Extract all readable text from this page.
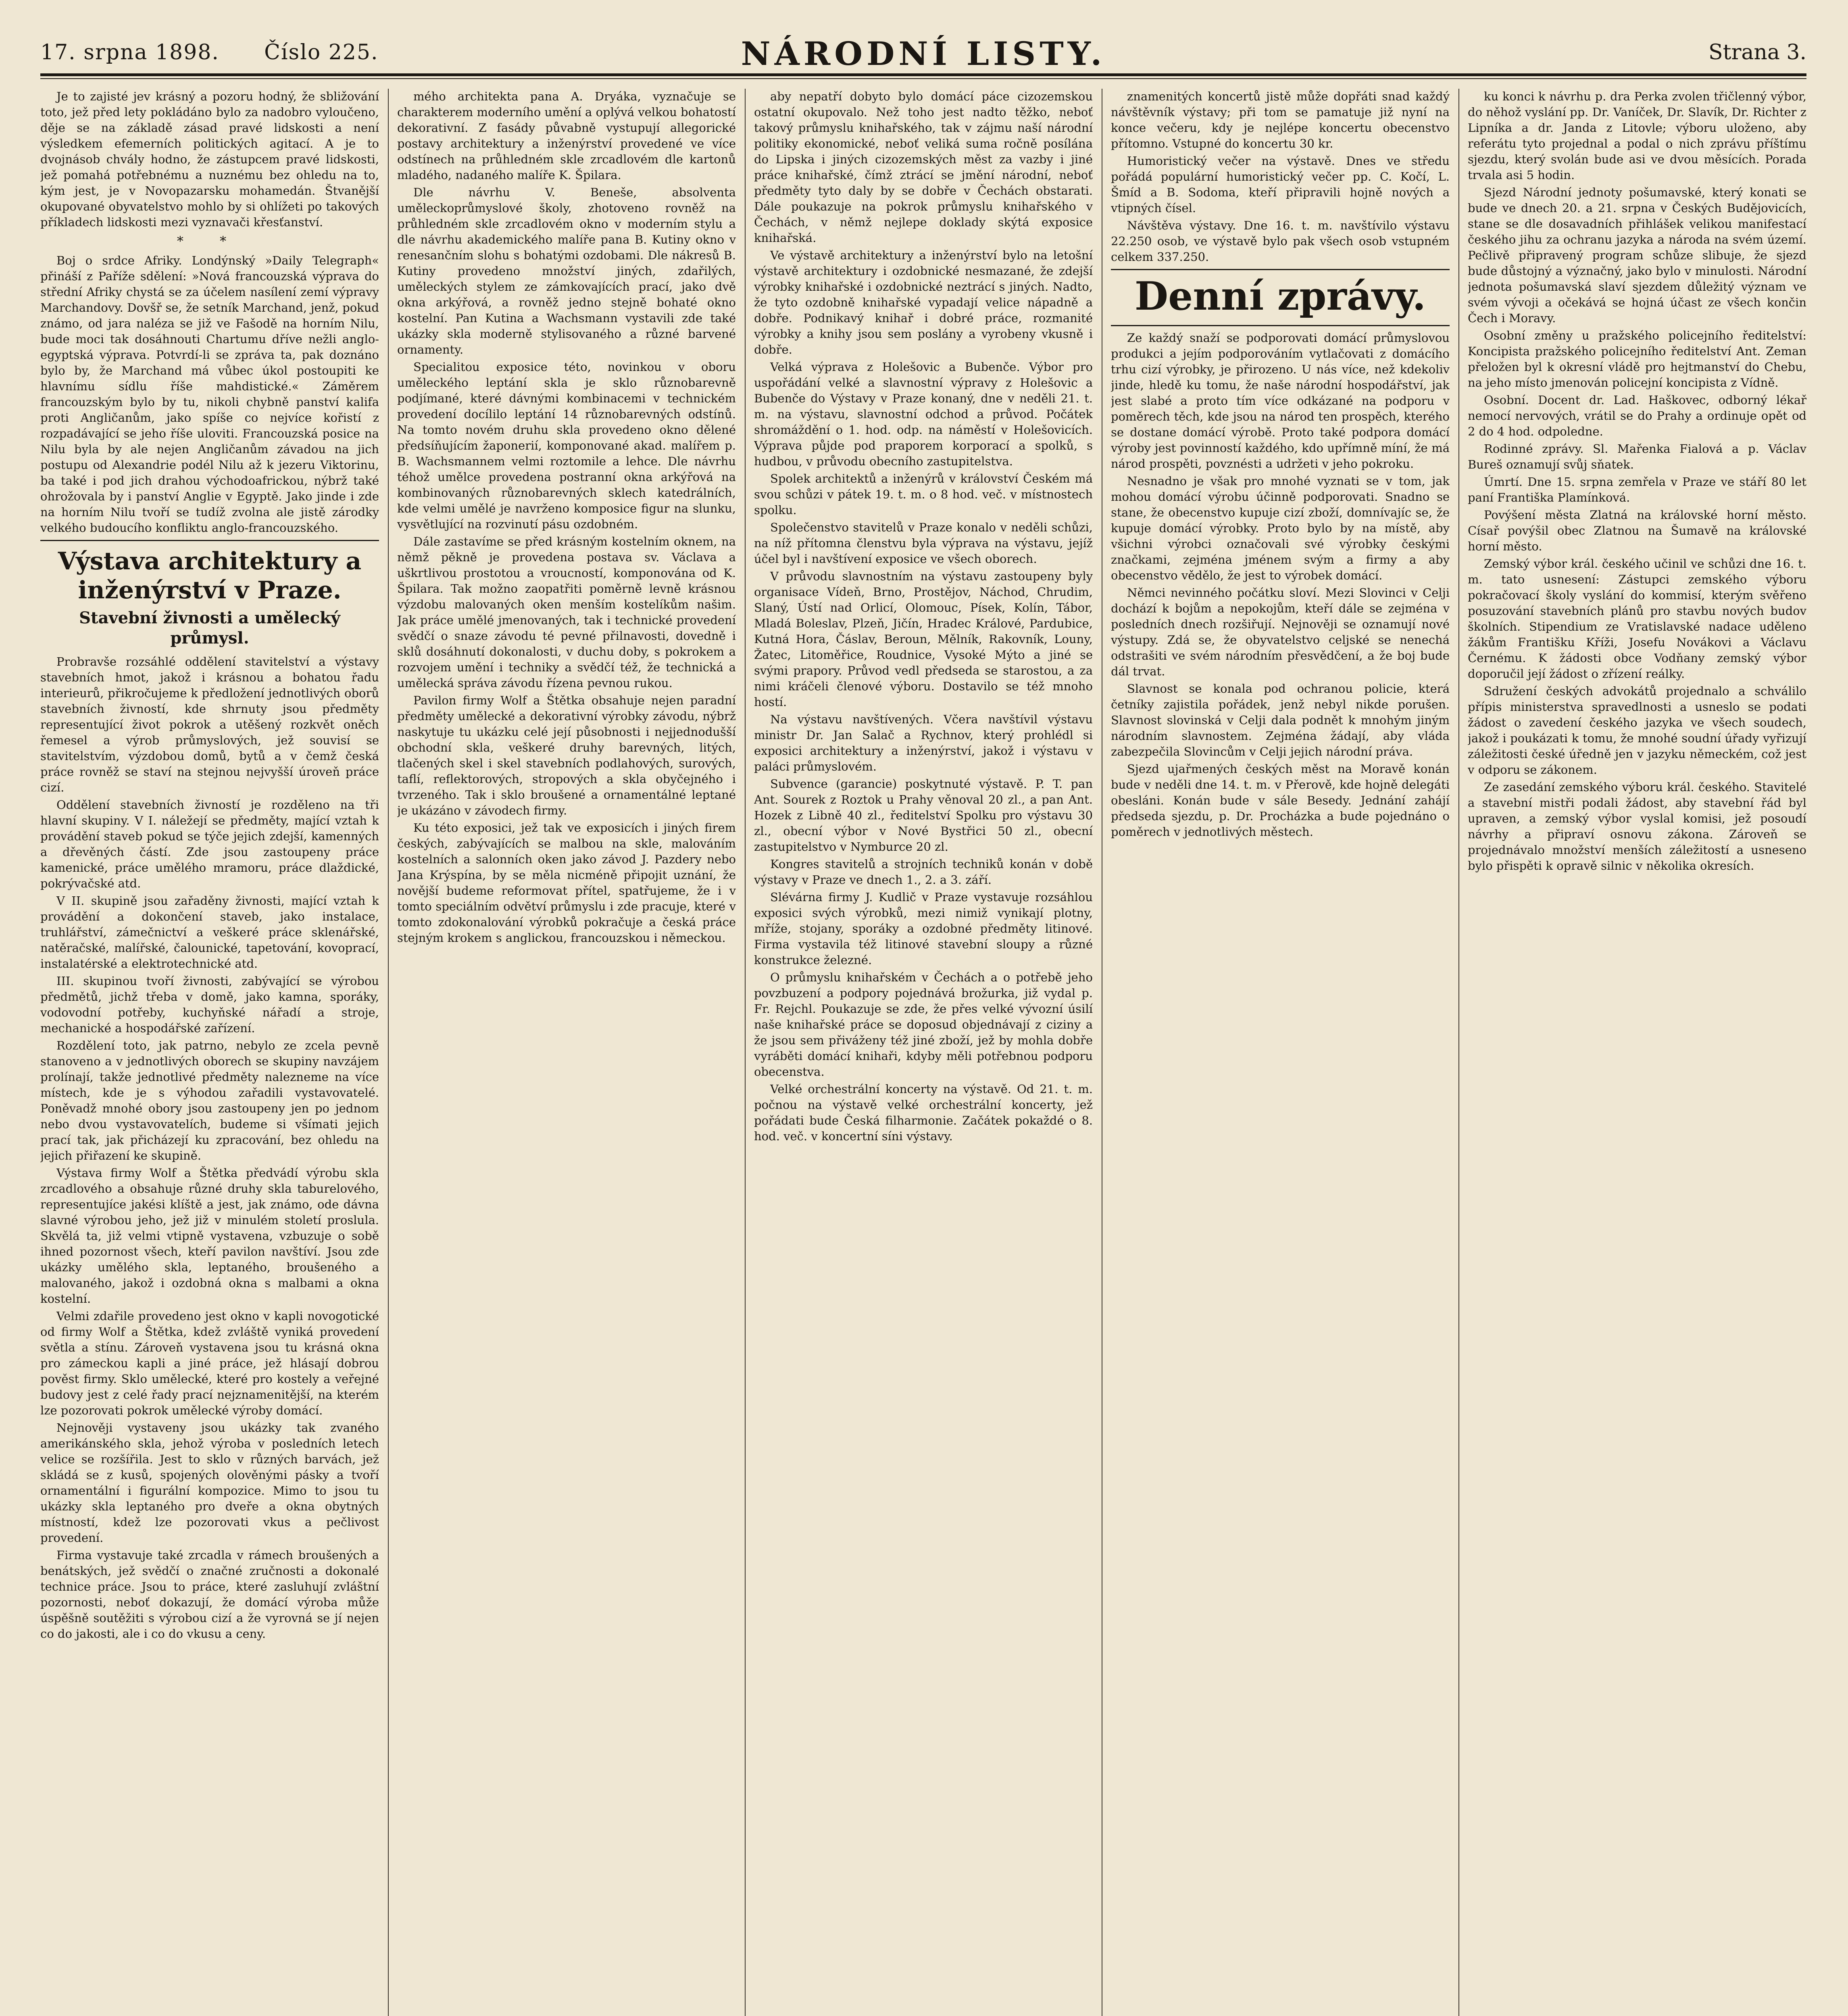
17. srpna 1898. Číslo 225.	NÁRODNÍ LISTY.	Strana 3.

Je to zajisté jev krásný a pozoru hodný, že sbližování toto, jež před lety pokládáno bylo za nadobro vyloučeno, děje se na základě zásad pravé lidskosti a není výsledkem efemerních politických agitací. A je to dvojnásob chvály hodno, že zástupcem pravé lidskosti, jež pomahá potřebnému a nuznému bez ohledu na to, kým jest, je v Novopazarsku mohamedán. Štvanější okupované obyvatelstvo mohlo by si ohlížeti po takových příkladech lidskosti mezi vyznavači křesťanství.

* *

Boj o srdce Afriky. Londýnský »Daily Telegraph« přináší z Paříže sdělení: »Nová francouzská výprava do střední Afriky chystá se za účelem nasílení zemí výpravy Marchandovy. Dovšř se, že setník Marchand, jenž, pokud známo, od jara naléza se již ve Fašodě na horním Nilu, bude moci tak dosáhnouti Chartumu dříve nežli anglo-egyptská výprava. Potvrdí-li se zpráva ta, pak doznáno bylo by, že Marchand má vůbec úkol postoupiti ke hlavnímu sídlu říše mahdistické.« Záměrem francouzským bylo by tu, nikoli chybně panství kalifa proti Angličanům, jako spíše co nejvíce kořistí z rozpadávající se jeho říše uloviti. Francouzská posice na Nilu byla by ale nejen Angličanům závadou na jich postupu od Alexandrie podél Nilu až k jezeru Viktorinu, ba také i pod jich drahou východoafrickou, nýbrž také ohrožovala by i panství Anglie v Egyptě. Jako jinde i zde na horním Nilu tvoří se tudíž zvolna ale jistě zárodky velkého budoucího konfliktu anglo-francouzského.

Výstava architektury a inženýrství v Praze.
Stavební živnosti a umělecký průmysl.

Probravše rozsáhlé oddělení stavitelství a výstavy stavebních hmot, jakož i krásnou a bohatou řadu interieurů, přikročujeme k předložení jednotlivých oborů stavebních živností, kde shrnuty jsou předměty representující život pokrok a utěšený rozkvět oněch řemesel a výrob průmyslových, jež souvisí se stavitelstvím, výzdobou domů, bytů a v čemž česká práce rovněž se staví na stejnou nejvyšší úroveň práce cizí.

Oddělení stavebních živností je rozděleno na tři hlavní skupiny. V I. náležejí se předměty, mající vztah k provádění staveb pokud se týče jejich zdejší, kamenných a dřevěných částí. Zde jsou zastoupeny práce kamenické, práce umělého mramoru, práce dlaždické, pokrývačské atd.

V II. skupině jsou zařaděny živnosti, mající vztah k provádění a dokončení staveb, jako instalace, truhlářství, zámečnictví a veškeré práce sklenářské, natěračské, malířské, čalounické, tapetování, kovoprací, instalatérské a elektrotechnické atd.

III. skupinou tvoří živnosti, zabývající se výrobou předmětů, jichž třeba v domě, jako kamna, sporáky, vodovodní potřeby, kuchyňské nářadí a stroje, mechanické a hospodářské zařízení.

Rozdělení toto, jak patrno, nebylo ze zcela pevně stanoveno a v jednotlivých oborech se skupiny navzájem prolínají, takže jednotlivé předměty nalezneme na více místech, kde je s výhodou zařadili vystavovatelé. Poněvadž mnohé obory jsou zastoupeny jen po jednom nebo dvou vystavovatelích, budeme si všímati jejich prací tak, jak přicházejí ku zpracování, bez ohledu na jejich přiřazení ke skupině.

Výstava firmy Wolf a Štětka předvádí výrobu skla zrcadlového a obsahuje různé druhy skla taburelového, representujíce jakési klíště a jest, jak známo, ode dávna slavné výrobou jeho, jež již v minulém století proslula. Skvělá ta, již velmi vtipně vystavena, vzbuzuje o sobě ihned pozornost všech, kteří pavilon navštíví. Jsou zde ukázky umělého skla, leptaného, broušeného a malovaného, jakož i ozdobná okna s malbami a okna kostelní.

Velmi zdařile provedeno jest okno v kapli novogotické od firmy Wolf a Štětka, kdež zvláště vyniká provedení světla a stínu. Zároveň vystavena jsou tu krásná okna pro zámeckou kapli a jiné práce, jež hlásají dobrou pověst firmy. Sklo umělecké, které pro kostely a veřejné budovy jest z celé řady prací nejznamenitější, na kterém lze pozorovati pokrok umělecké výroby domácí.

Nejnověji vystaveny jsou ukázky tak zvaného amerikánského skla, jehož výroba v posledních letech velice se rozšířila. Jest to sklo v různých barvách, jež skládá se z kusů, spojených olověnými pásky a tvoří ornamentální i figurální kompozice. Mimo to jsou tu ukázky skla leptaného pro dveře a okna obytných místností, kdež lze pozorovati vkus a pečlivost provedení.

Firma vystavuje také zrcadla v rámech broušených a benátských, jež svědčí o značné zručnosti a dokonalé technice práce. Jsou to práce, které zasluhují zvláštní pozornosti, neboť dokazují, že domácí výroba může úspěšně soutěžiti s výrobou cizí a že vyrovná se jí nejen co do jakosti, ale i co do vkusu a ceny.

mého architekta pana A. Dryáka, vyznačuje se charakterem moderního umění a oplývá velkou bohatostí dekorativní. Z fasády půvabně vystupují allegorické postavy architektury a inženýrství provedené ve více odstínech na průhledném skle zrcadlovém dle kartonů mladého, nadaného malíře K. Špilara.

Dle návrhu V. Beneše, absolventa uměleckoprůmyslové školy, zhotoveno rovněž na průhledném skle zrcadlovém okno v moderním stylu a dle návrhu akademického malíře pana B. Kutiny okno v renesančním slohu s bohatými ozdobami. Dle nákresů B. Kutiny provedeno množství jiných, zdařilých, uměleckých stylem ze zámkovajících prací, jako dvě okna arkýřová, a rovněž jedno stejně bohaté okno kostelní. Pan Kutina a Wachsmann vystavili zde také ukázky skla moderně stylisovaného a různé barvené ornamenty.

Specialitou exposice této, novinkou v oboru uměleckého leptání skla je sklo různobarevně podjímané, které dávnými kombinacemi v technickém provedení docílilo leptání 14 různobarevných odstínů. Na tomto novém druhu skla provedeno okno dělené předsíňujícím žaponerií, komponované akad. malířem p. B. Wachsmannem velmi roztomile a lehce. Dle návrhu téhož umělce provedena postranní okna arkýřová na kombinovaných různobarevných sklech katedrálních, kde velmi umělé je navrženo komposice figur na slunku, vysvětlující na rozvinutí pásu ozdobném.

Dále zastavíme se před krásným kostelním oknem, na němž pěkně je provedena postava sv. Václava a uškrtlivou prostotou a vroucností, komponována od K. Špilara. Tak možno zaopatřiti poměrně levně krásnou výzdobu malovaných oken menším kostelíkům našim. Jak práce umělé jmenovaných, tak i technické provedení svědčí o snaze závodu té pevné přilnavosti, dovedně i sklů dosáhnutí dokonalosti, v duchu doby, s pokrokem a rozvojem umění i techniky a svědčí též, že technická a umělecká správa závodu řízena pevnou rukou.

Pavilon firmy Wolf a Štětka obsahuje nejen paradní předměty umělecké a dekorativní výrobky závodu, nýbrž naskytuje tu ukázku celé její působnosti i nejjednodušší obchodní skla, veškeré druhy barevných, litých, tlačených skel i skel stavebních podlahových, surových, taflí, reflektorových, stropových a skla obyčejného i tvrzeného. Tak i sklo broušené a ornamentálné leptané je ukázáno v závodech firmy.

Ku této exposici, jež tak ve exposicích i jiných firem českých, zabývajících se malbou na skle, malováním kostelních a salonních oken jako závod J. Pazdery nebo Jana Krýspína, by se měla nicméně připojit uznání, že novější budeme reformovat přítel, spatřujeme, že i v tomto speciálním odvětví průmyslu i zde pracuje, které v tomto zdokonalování výrobků pokračuje a česká práce stejným krokem s anglickou, francouzskou i německou.

aby nepatří dobyto bylo domácí páce cizozemskou ostatní okupovalo. Než toho jest nadto těžko, neboť takový průmyslu knihařského, tak v zájmu naší národní politiky ekonomické, neboť veliká suma ročně posílána do Lipska i jiných cizozemských měst za vazby i jiné práce knihařské, čímž ztrácí se jmění národní, neboť předměty tyto daly by se dobře v Čechách obstarati. Dále poukazuje na pokrok průmyslu knihařského v Čechách, v němž nejlepe doklady skýtá exposice knihařská.

Ve výstavě architektury a inženýrství bylo na letošní výstavě architektury i ozdobnické nesmazané, že zdejší výrobky knihařské i ozdobnické neztrácí s jiných. Nadto, že tyto ozdobně knihařské vypadají velice nápadně a dobře. Podnikavý knihař i dobré práce, rozmanité výrobky a knihy jsou sem poslány a vyrobeny vkusně i dobře.

Velká výprava z Holešovic a Bubenče. Výbor pro uspořádání velké a slavnostní výpravy z Holešovic a Bubenče do Výstavy v Praze konaný, dne v neděli 21. t. m. na výstavu, slavnostní odchod a průvod. Počátek shromáždění o 1. hod. odp. na náměstí v Holešovicích. Výprava půjde pod praporem korporací a spolků, s hudbou, v průvodu obecního zastupitelstva.

Spolek architektů a inženýrů v království Českém má svou schůzi v pátek 19. t. m. o 8 hod. več. v místnostech spolku.

Společenstvo stavitelů v Praze konalo v neděli schůzi, na níž přítomna členstvu byla výprava na výstavu, jejíž účel byl i navštívení exposice ve všech oborech.

V průvodu slavnostním na výstavu zastoupeny byly organisace Vídeň, Brno, Prostějov, Náchod, Chrudim, Slaný, Ústí nad Orlicí, Olomouc, Písek, Kolín, Tábor, Mladá Boleslav, Plzeň, Jičín, Hradec Králové, Pardubice, Kutná Hora, Čáslav, Beroun, Mělník, Rakovník, Louny, Žatec, Litoměřice, Roudnice, Vysoké Mýto a jiné se svými prapory. Průvod vedl předseda se starostou, a za nimi kráčeli členové výboru. Dostavilo se též mnoho hostí.

Na výstavu navštívených. Včera navštívil výstavu ministr Dr. Jan Salač a Rychnov, který prohlédl si exposici architektury a inženýrství, jakož i výstavu v paláci průmyslovém.

Subvence (garancie) poskytnuté výstavě. P. T. pan Ant. Sourek z Roztok u Prahy věnoval 20 zl., a pan Ant. Hozek z Libně 40 zl., ředitelství Spolku pro výstavu 30 zl., obecní výbor v Nové Bystřici 50 zl., obecní zastupitelstvo v Nymburce 20 zl.

Kongres stavitelů a strojních techniků konán v době výstavy v Praze ve dnech 1., 2. a 3. září.

Slévárna firmy J. Kudlič v Praze vystavuje rozsáhlou exposici svých výrobků, mezi nimiž vynikají plotny, mříže, stojany, sporáky a ozdobné předměty litinové. Firma vystavila též litinové stavební sloupy a různé konstrukce železné.

O průmyslu knihařském v Čechách a o potřebě jeho povzbuzení a podpory pojednává brožurka, již vydal p. Fr. Rejchl. Poukazuje se zde, že přes velké vývozní úsilí naše knihařské práce se doposud objednávají z ciziny a že jsou sem přiváženy též jiné zboží, jež by mohla dobře vyráběti domácí knihaři, kdyby měli potřebnou podporu obecenstva.

Velké orchestrální koncerty na výstavě. Od 21. t. m. počnou na výstavě velké orchestrální koncerty, jež pořádati bude Česká filharmonie. Začátek pokaždé o 8. hod. več. v koncertní síni výstavy.

znamenitých koncertů jistě může dopřáti snad každý návštěvník výstavy; při tom se pamatuje již nyní na konce večeru, kdy je nejlépe koncertu obecenstvo přítomno. Vstupné do koncertu 30 kr.

Humoristický večer na výstavě. Dnes ve středu pořádá populární humoristický večer pp. C. Kočí, L. Šmíd a B. Sodoma, kteří připravili hojně nových a vtipných čísel.

Návštěva výstavy. Dne 16. t. m. navštívilo výstavu 22.250 osob, ve výstavě bylo pak všech osob vstupném celkem 337.250.

Denní zprávy.

Ze každý snaží se podporovati domácí průmyslovou produkci a jejím podporováním vytlačovati z domácího trhu cizí výrobky, je přirozeno. U nás více, než kdekoliv jinde, hledě ku tomu, že naše národní hospodářství, jak jest slabé a proto tím více odkázané na podporu v poměrech těch, kde jsou na národ ten prospěch, kterého se dostane domácí výrobě. Proto také podpora domácí výroby jest povinností každého, kdo upřímně míní, že má národ prospěti, povznésti a udržeti v jeho pokroku.

Nesnadno je však pro mnohé vyznati se v tom, jak mohou domácí výrobu účinně podporovati. Snadno se stane, že obecenstvo kupuje cizí zboží, domnívajíc se, že kupuje domácí výrobky. Proto bylo by na místě, aby všichni výrobci označovali své výrobky českými značkami, zejména jménem svým a firmy a aby obecenstvo vědělo, že jest to výrobek domácí.

Němci nevinného počátku sloví. Mezi Slovinci v Celji dochází k bojům a nepokojům, kteří dále se zejména v posledních dnech rozšiřují. Nejnověji se oznamují nové výstupy. Zdá se, že obyvatelstvo celjské se nenechá odstrašiti ve svém národním přesvědčení, a že boj bude dál trvat.

Slavnost se konala pod ochranou policie, která četníky zajistila pořádek, jenž nebyl nikde porušen. Slavnost slovinská v Celji dala podnět k mnohým jiným národním slavnostem. Zejména žádají, aby vláda zabezpečila Slovincům v Celji jejich národní práva.

Sjezd ujařmených českých měst na Moravě konán bude v neděli dne 14. t. m. v Přerově, kde hojně delegáti obesláni. Konán bude v sále Besedy. Jednání zahájí předseda sjezdu, p. Dr. Procházka a bude pojednáno o poměrech v jednotlivých městech.

ku konci k návrhu p. dra Perka zvolen třičlenný výbor, do něhož vyslání pp. Dr. Vaníček, Dr. Slavík, Dr. Richter z Lipníka a dr. Janda z Litovle; výboru uloženo, aby referátu tyto projednal a podal o nich zprávu příštímu sjezdu, který svolán bude asi ve dvou měsících. Porada trvala asi 5 hodin.

Sjezd Národní jednoty pošumavské, který konati se bude ve dnech 20. a 21. srpna v Českých Budějovicích, stane se dle dosavadních přihlášek velikou manifestací českého jihu za ochranu jazyka a národa na svém území. Pečlivě připravený program schůze slibuje, že sjezd bude důstojný a význačný, jako bylo v minulosti. Národní jednota pošumavská slaví sjezdem důležitý význam ve svém vývoji a očekává se hojná účast ze všech končin Čech i Moravy.

Osobní změny u pražského policejního ředitelství: Koncipista pražského policejního ředitelství Ant. Zeman přeložen byl k okresní vládě pro hejtmanství do Chebu, na jeho místo jmenován policejní koncipista z Vídně.

Osobní. Docent dr. Lad. Haškovec, odborný lékař nemocí nervových, vrátil se do Prahy a ordinuje opět od 2 do 4 hod. odpoledne.

Rodinné zprávy. Sl. Mařenka Fialová a p. Václav Bureš oznamují svůj sňatek.

Úmrtí. Dne 15. srpna zemřela v Praze ve stáří 80 let paní Františka Plamínková.

Povýšení města Zlatná na královské horní město. Císař povýšil obec Zlatnou na Šumavě na královské horní město.

Zemský výbor král. českého učinil ve schůzi dne 16. t. m. tato usnesení: Zástupci zemského výboru pokračovací školy vyslání do kommisí, kterým svěřeno posuzování stavebních plánů pro stavbu nových budov školních. Stipendium ze Vratislavské nadace uděleno žákům Františku Kříži, Josefu Novákovi a Václavu Černému. K žádosti obce Vodňany zemský výbor doporučil její žádost o zřízení reálky.

Sdružení českých advokátů projednalo a schválilo přípis ministerstva spravedlnosti a usneslo se podati žádost o zavedení českého jazyka ve všech soudech, jakož i poukázati k tomu, že mnohé soudní úřady vyřizují záležitosti české úředně jen v jazyku německém, což jest v odporu se zákonem.

Ze zasedání zemského výboru král. českého. Stavitelé a stavební mistři podali žádost, aby stavební řád byl upraven, a zemský výbor vyslal komisi, jež posoudí návrhy a připraví osnovu zákona. Zároveň se projednávalo množství menších záležitostí a usneseno bylo přispěti k opravě silnic v několika okresích.
